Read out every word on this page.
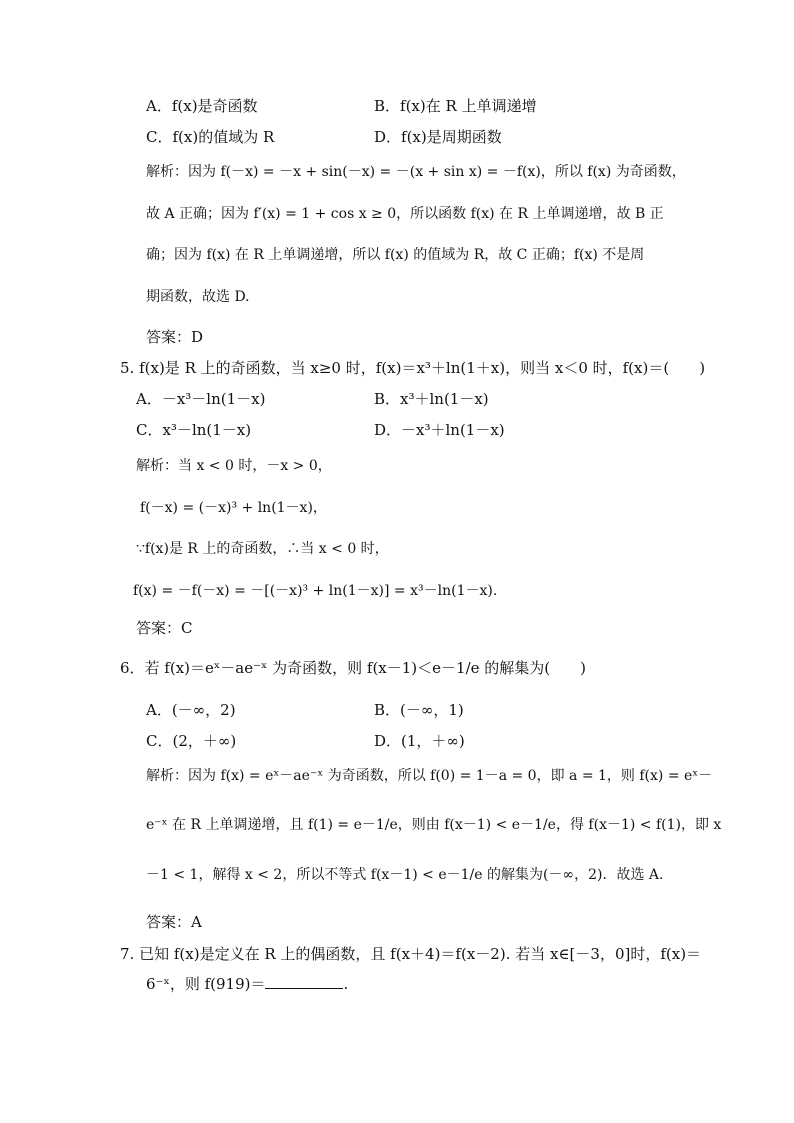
A．f(x)是奇函数	B．f(x)在 R 上单调递增
C．f(x)的值域为 R	D．f(x)是周期函数
解析：因为 f(－x) = －x + sin(－x) = －(x + sin x) = －f(x)，所以 f(x) 为奇函数，
故 A 正确；因为 f′(x) = 1 + cos x ≥ 0，所以函数 f(x) 在 R 上单调递增，故 B 正
确；因为 f(x) 在 R 上单调递增，所以 f(x) 的值域为 R，故 C 正确；f(x) 不是周
期函数，故选 D.
答案：D
5. f(x)是 R 上的奇函数，当 x≥0 时，f(x)＝x³＋ln(1＋x)，则当 x＜0 时，f(x)＝(　　)
A．－x³－ln(1－x)	B．x³＋ln(1－x)
C．x³－ln(1－x)	D．－x³＋ln(1－x)
解析：当 x < 0 时，－x > 0，
f(－x) = (－x)³ + ln(1－x)，
∵f(x)是 R 上的奇函数，∴当 x < 0 时，
f(x) = －f(－x) = －[(－x)³ + ln(1－x)] = x³－ln(1－x).
答案：C
6．若 f(x)＝eˣ－ae⁻ˣ 为奇函数，则 f(x－1)＜e－1/e 的解集为(　　)
A．(－∞，2)	B．(－∞，1)
C．(2，＋∞)	D．(1，＋∞)
解析：因为 f(x) = eˣ－ae⁻ˣ 为奇函数，所以 f(0) = 1－a = 0，即 a = 1，则 f(x) = eˣ－
e⁻ˣ 在 R 上单调递增，且 f(1) = e－1/e，则由 f(x－1) < e－1/e，得 f(x－1) < f(1)，即 x
－1 < 1，解得 x < 2，所以不等式 f(x－1) < e－1/e 的解集为(－∞，2)．故选 A.
答案：A
7. 已知 f(x)是定义在 R 上的偶函数，且 f(x＋4)＝f(x－2). 若当 x∈[－3，0]时，f(x)＝
6⁻ˣ，则 f(919)＝	.
